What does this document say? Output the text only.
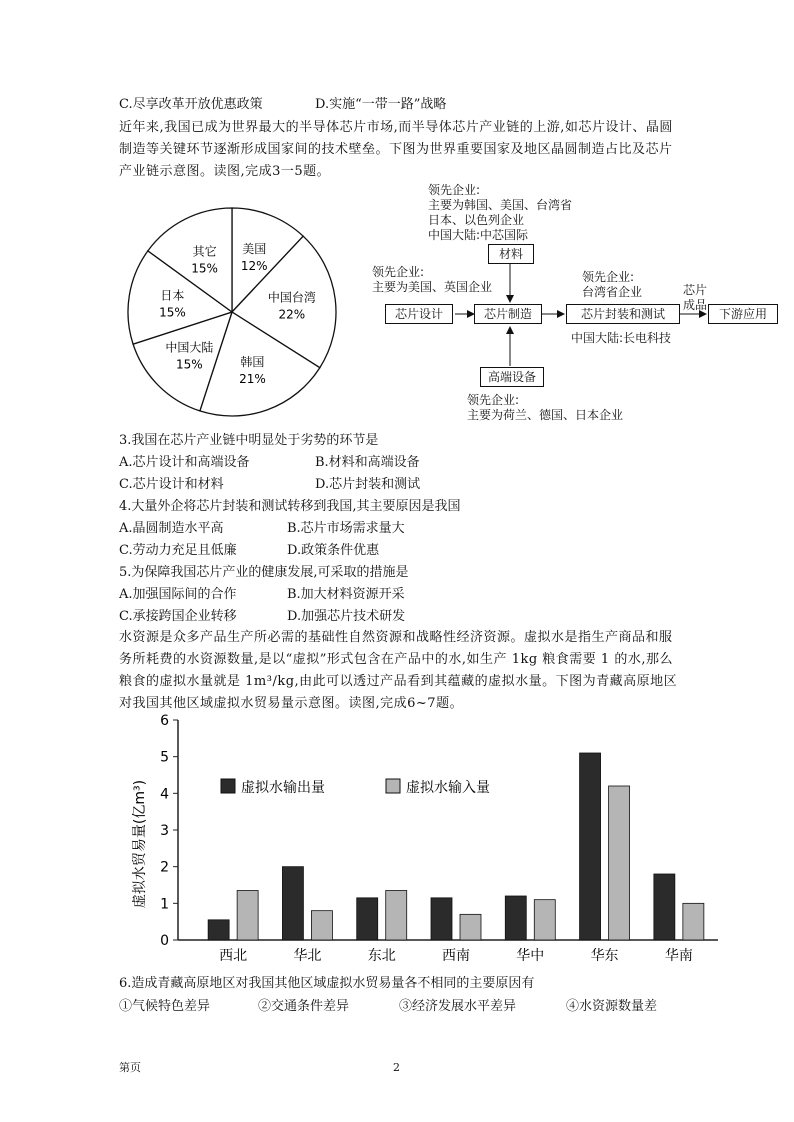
C.尽享改革开放优惠政策	D.实施“一带一路”战略
近年来,我国已成为世界最大的半导体芯片市场,而半导体芯片产业链的上游,如芯片设计、晶圆制造等关键环节逐渐形成国家间的技术壁垒。下图为世界重要国家及地区晶圆制造占比及芯片产业链示意图。读图,完成3一5题。
美国
12%
中国台湾
22%
韩国
21%
中国大陆
15%
日本
15%
其它
15%
芯片设计	芯片制造	芯片封装和测试	下游应用
材料
高端设备
领先企业:
主要为韩国、美国、台湾省
日本、以色列企业
中国大陆:中芯国际
领先企业:
主要为美国、英国企业
领先企业:
台湾省企业	芯片
成品
中国大陆:长电科技
领先企业:
主要为荷兰、德国、日本企业
3.我国在芯片产业链中明显处于劣势的环节是
A.芯片设计和高端设备	B.材料和高端设备
C.芯片设计和材料	D.芯片封装和测试
4.大量外企将芯片封装和测试转移到我国,其主要原因是我国
A.晶圆制造水平高	B.芯片市场需求量大
C.劳动力充足且低廉	D.政策条件优惠
5.为保障我国芯片产业的健康发展,可采取的措施是
A.加强国际间的合作	B.加大材料资源开采
C.承接跨国企业转移	D.加强芯片技术研发
水资源是众多产品生产所必需的基础性自然资源和战略性经济资源。虚拟水是指生产商品和服务所耗费的水资源数量,是以“虚拟”形式包含在产品中的水,如生产 1kg 粮食需要 1 的水,那么粮食的虚拟水量就是 1m³/kg,由此可以透过产品看到其蕴藏的虚拟水量。下图为青藏高原地区对我国其他区域虚拟水贸易量示意图。读图,完成6~7题。
虚拟水贸易量(亿m³)
0
1
2
3
4
5
6
虚拟水输出量	虚拟水输入量
西北	华北	东北	西南	华中	华东	华南
6.造成青藏高原地区对我国其他区域虚拟水贸易量各不相同的主要原因有
①气候特色差异	②交通条件差异	③经济发展水平差异	④水资源数量差
第页	2
